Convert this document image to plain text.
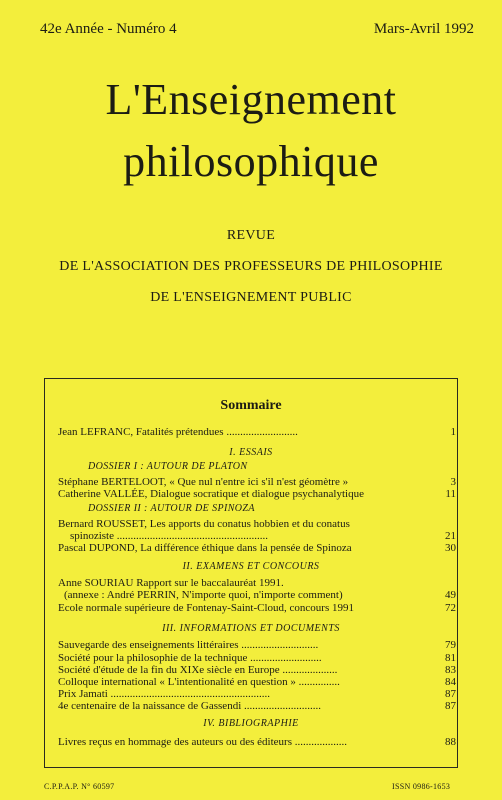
42e Année - Numéro 4	Mars-Avril 1992
L'Enseignement
philosophique
REVUE
DE L'ASSOCIATION DES PROFESSEURS DE PHILOSOPHIE
DE L'ENSEIGNEMENT PUBLIC
Sommaire
Jean LEFRANC, Fatalités prétendues ..........................	1
I. ESSAIS
DOSSIER I : AUTOUR DE PLATON
Stéphane BERTELOOT, « Que nul n'entre ici s'il n'est géomètre »	3
Catherine VALLÉE, Dialogue socratique et dialogue psychanalytique	11
DOSSIER II : AUTOUR DE SPINOZA
Bernard ROUSSET, Les apports du conatus hobbien et du conatus
spinoziste .......................................................	21
Pascal DUPOND, La différence éthique dans la pensée de Spinoza	30
II. EXAMENS ET CONCOURS
Anne SOURIAU Rapport sur le baccalauréat 1991.
(annexe : André PERRIN, N'importe quoi, n'importe comment)	49
Ecole normale supérieure de Fontenay-Saint-Cloud, concours 1991	72
III. INFORMATIONS ET DOCUMENTS
Sauvegarde des enseignements littéraires ............................	79
Société pour la philosophie de la technique ..........................	81
Société d'étude de la fin du XIXe siècle en Europe ....................	83
Colloque international « L'intentionalité en question » ...............	84
Prix Jamati ..........................................................	87
4e centenaire de la naissance de Gassendi ............................	87
IV. BIBLIOGRAPHIE
Livres reçus en hommage des auteurs ou des éditeurs ...................	88
C.P.P.A.P. N° 60597	ISSN 0986-1653
